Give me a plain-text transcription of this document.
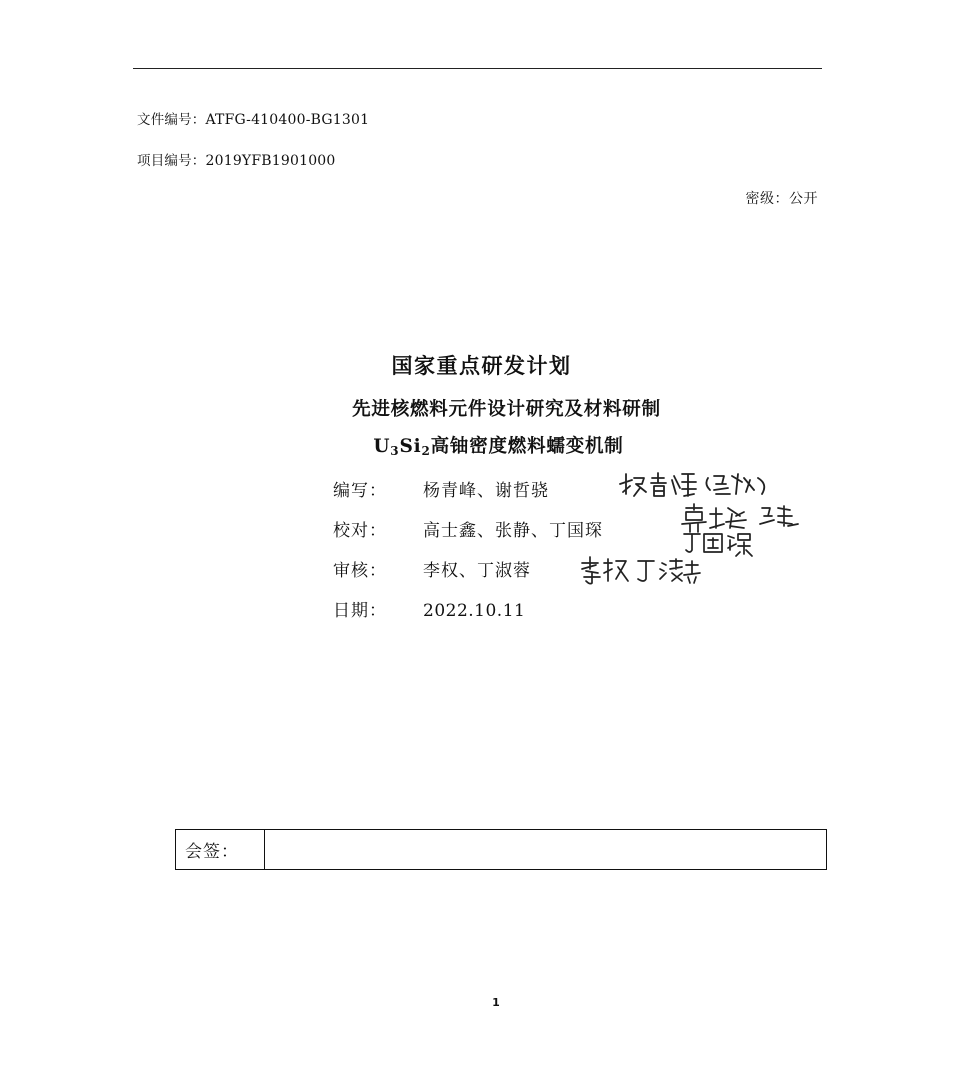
文件编号：ATFG-410400-BG1301
项目编号：2019YFB1901000
密级：公开
国家重点研发计划
先进核燃料元件设计研究及材料研制
$U_3Si_2$高铀密度燃料蠕变机制
编写： 杨青峰、谢哲骁
校对： 高士鑫、张静、丁国琛
审核： 李权、丁淑蓉
日期： 2022.10.11
会签：
1
